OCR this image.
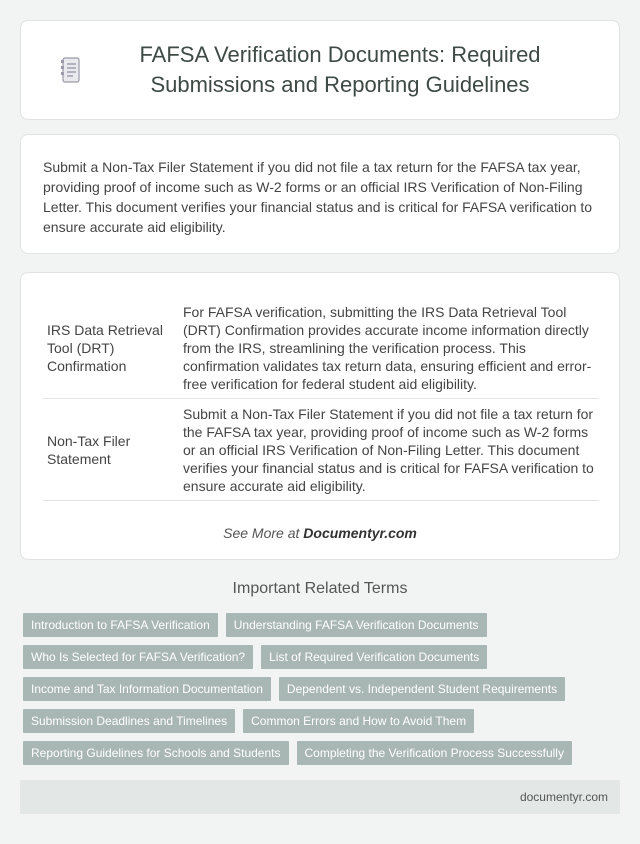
FAFSA Verification Documents: Required Submissions and Reporting Guidelines

Submit a Non-Tax Filer Statement if you did not file a tax return for the FAFSA tax year, providing proof of income such as W-2 forms or an official IRS Verification of Non-Filing Letter. This document verifies your financial status and is critical for FAFSA verification to ensure accurate aid eligibility.

IRS Data Retrieval Tool (DRT) Confirmation	For FAFSA verification, submitting the IRS Data Retrieval Tool (DRT) Confirmation provides accurate income information directly from the IRS, streamlining the verification process. This confirmation validates tax return data, ensuring efficient and error-free verification for federal student aid eligibility.
Non-Tax Filer Statement	Submit a Non-Tax Filer Statement if you did not file a tax return for the FAFSA tax year, providing proof of income such as W-2 forms or an official IRS Verification of Non-Filing Letter. This document verifies your financial status and is critical for FAFSA verification to ensure accurate aid eligibility.
See More at Documentyr.com
Important Related Terms
Introduction to FAFSA Verification	Understanding FAFSA Verification Documents
Who Is Selected for FAFSA Verification?	List of Required Verification Documents
Income and Tax Information Documentation	Dependent vs. Independent Student Requirements
Submission Deadlines and Timelines	Common Errors and How to Avoid Them
Reporting Guidelines for Schools and Students	Completing the Verification Process Successfully
documentyr.com
